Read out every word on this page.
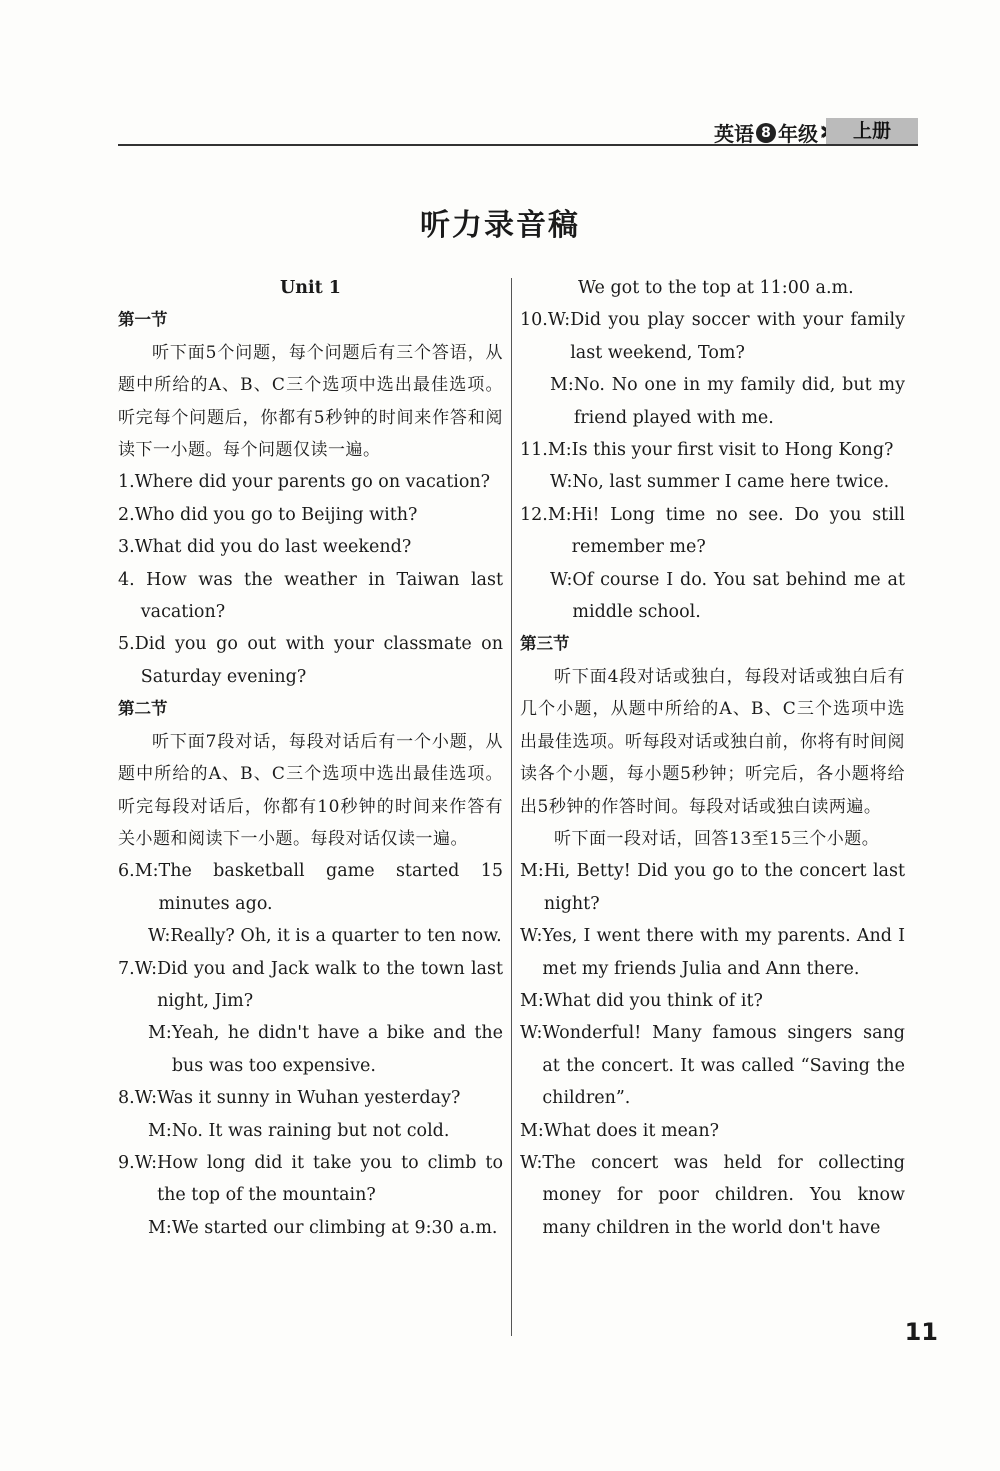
英语 8 年级 ››	上册
听力录音稿
Unit 1
第一节
听下面5个问题，每个问题后有三个答语，从题中所给的A、B、C三个选项中选出最佳选项。听完每个问题后，你都有5秒钟的时间来作答和阅读下一小题。每个问题仅读一遍。
1.Where did your parents go on vacation?
2.Who did you go to Beijing with?
3.What did you do last weekend?
4. How was the weather in Taiwan last vacation?
5.Did you go out with your classmate on Saturday evening?
第二节
听下面7段对话，每段对话后有一个小题，从题中所给的A、B、C三个选项中选出最佳选项。听完每段对话后，你都有10秒钟的时间来作答有关小题和阅读下一小题。每段对话仅读一遍。
6.M: The basketball game started 15 minutes ago.
W: Really? Oh, it is a quarter to ten now.
7.W: Did you and Jack walk to the town last night, Jim?
M: Yeah, he didn't have a bike and the bus was too expensive.
8.W: Was it sunny in Wuhan yesterday?
M: No. It was raining but not cold.
9.W: How long did it take you to climb to the top of the mountain?
M: We started our climbing at 9:30 a.m.
We got to the top at 11:00 a.m.
10.W: Did you play soccer with your family last weekend, Tom?
M: No. No one in my family did, but my friend played with me.
11.M: Is this your first visit to Hong Kong?
W: No, last summer I came here twice.
12.M: Hi! Long time no see. Do you still remember me?
W: Of course I do. You sat behind me at middle school.
第三节
听下面4段对话或独白，每段对话或独白后有几个小题，从题中所给的A、B、C三个选项中选出最佳选项。听每段对话或独白前，你将有时间阅读各个小题，每小题5秒钟；听完后，各小题将给出5秒钟的作答时间。每段对话或独白读两遍。
听下面一段对话，回答13至15三个小题。
M: Hi, Betty! Did you go to the concert last night?
W: Yes, I went there with my parents. And I met my friends Julia and Ann there.
M: What did you think of it?
W: Wonderful! Many famous singers sang at the concert. It was called “Saving the children”.
M: What does it mean?
W: The concert was held for collecting money for poor children. You know many children in the world don't have
11
